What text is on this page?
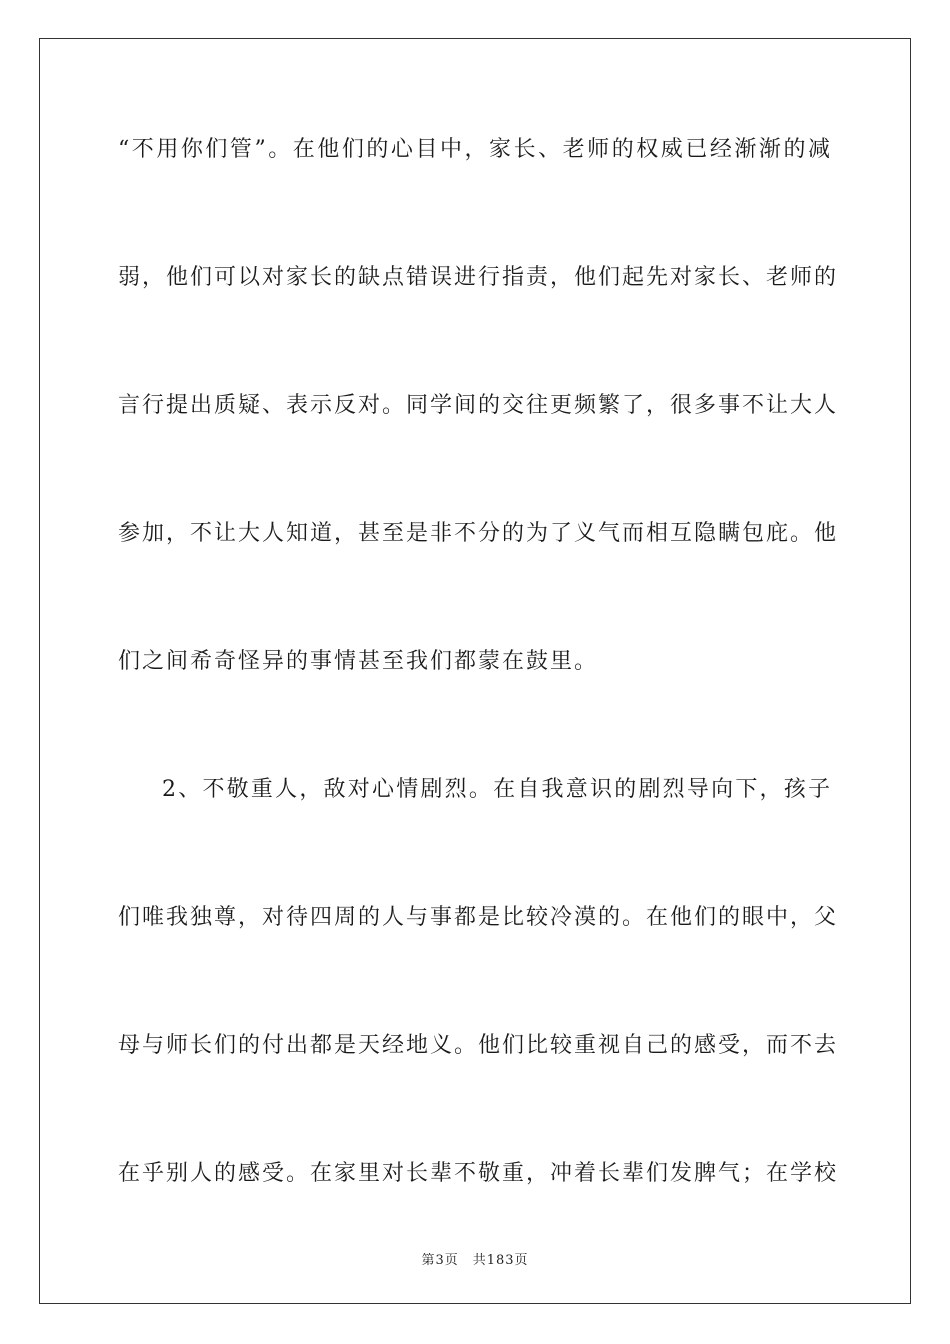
“不用你们管”。在他们的心目中，家长、老师的权威已经渐渐的减
弱，他们可以对家长的缺点错误进行指责，他们起先对家长、老师的
言行提出质疑、表示反对。同学间的交往更频繁了，很多事不让大人
参加，不让大人知道，甚至是非不分的为了义气而相互隐瞒包庇。他
们之间希奇怪异的事情甚至我们都蒙在鼓里。
2、不敬重人，敌对心情剧烈。在自我意识的剧烈导向下，孩子
们唯我独尊，对待四周的人与事都是比较冷漠的。在他们的眼中，父
母与师长们的付出都是天经地义。他们比较重视自己的感受，而不去
在乎别人的感受。在家里对长辈不敬重，冲着长辈们发脾气；在学校
第3页 共183页
